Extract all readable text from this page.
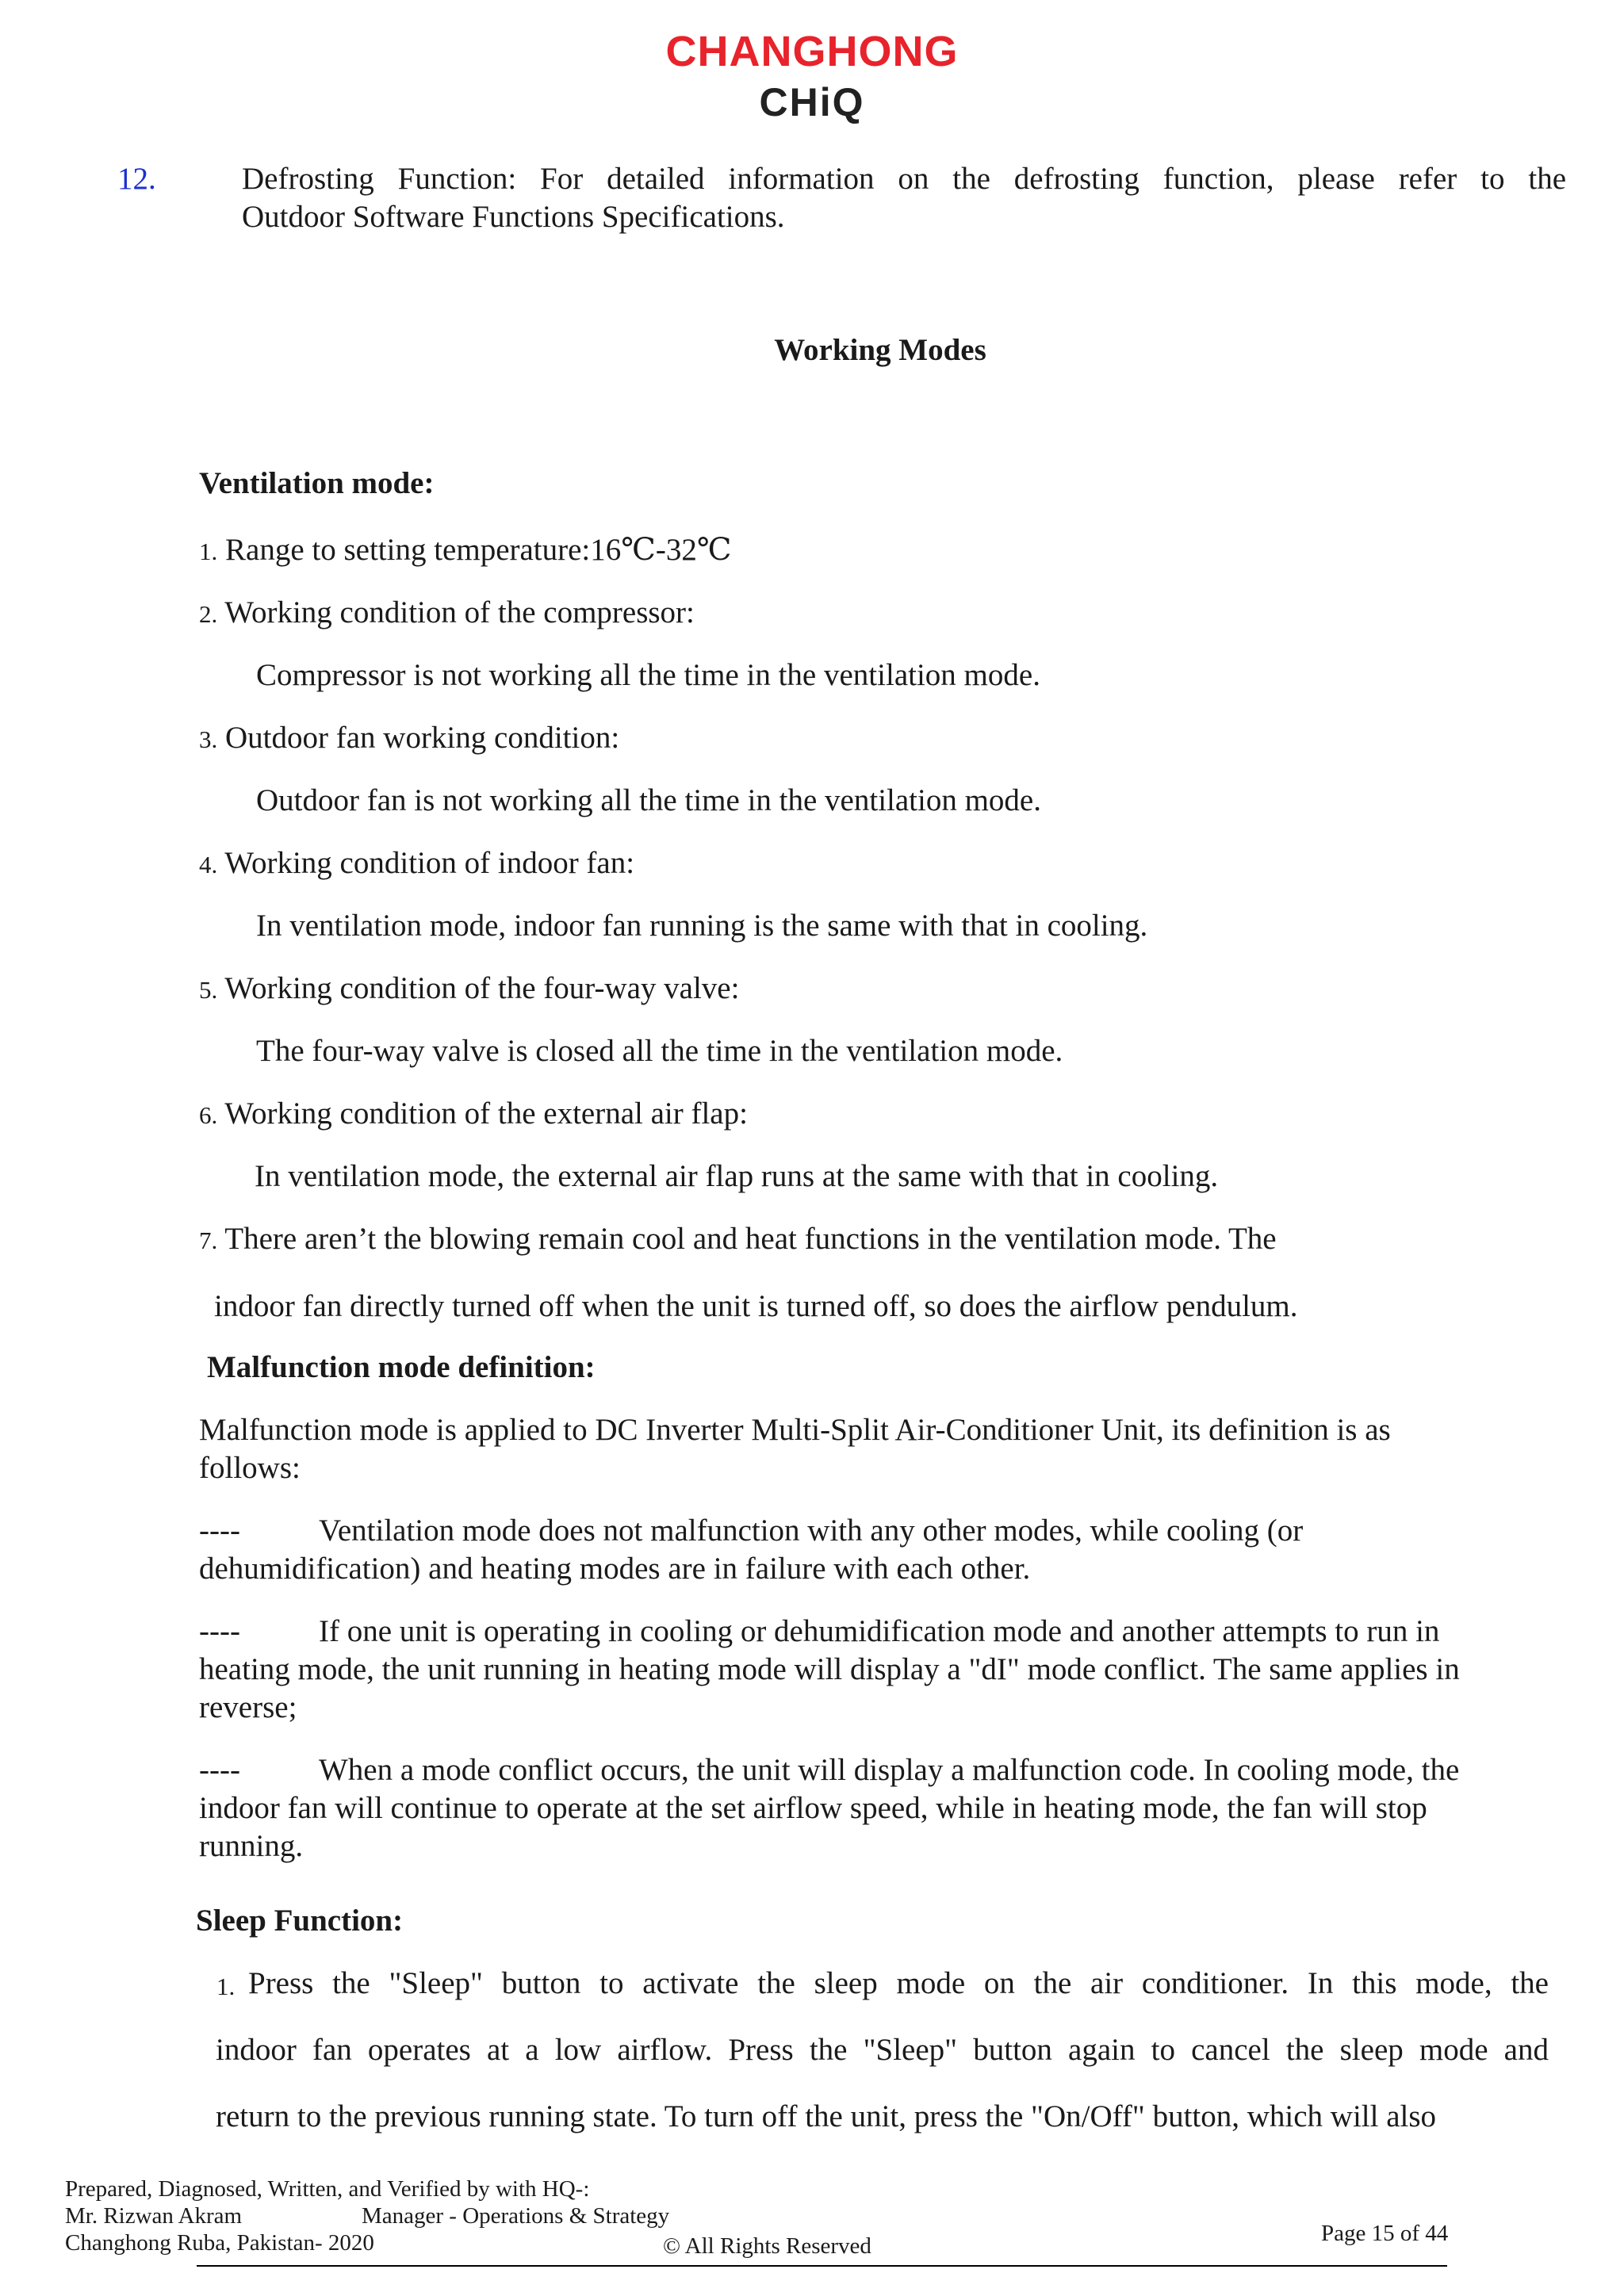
CHANGHONG
CHiQ
12.	Defrosting Function: For detailed information on the defrosting function, please refer to the
Outdoor Software Functions Specifications.
Working Modes
Ventilation mode:
1. Range to setting temperature:16℃-32℃
2. Working condition of the compressor:
Compressor is not working all the time in the ventilation mode.
3. Outdoor fan working condition:
Outdoor fan is not working all the time in the ventilation mode.
4. Working condition of indoor fan:
In ventilation mode, indoor fan running is the same with that in cooling.
5. Working condition of the four-way valve:
The four-way valve is closed all the time in the ventilation mode.
6. Working condition of the external air flap:
In ventilation mode, the external air flap runs at the same with that in cooling.
7. There aren’t the blowing remain cool and heat functions in the ventilation mode. The
indoor fan directly turned off when the unit is turned off, so does the airflow pendulum.
Malfunction mode definition:
Malfunction mode is applied to DC Inverter Multi-Split Air-Conditioner Unit, its definition is as
follows:
----	Ventilation mode does not malfunction with any other modes, while cooling (or
dehumidification) and heating modes are in failure with each other.
----	If one unit is operating in cooling or dehumidification mode and another attempts to run in
heating mode, the unit running in heating mode will display a "dI" mode conflict. The same applies in
reverse;
----	When a mode conflict occurs, the unit will display a malfunction code. In cooling mode, the
indoor fan will continue to operate at the set airflow speed, while in heating mode, the fan will stop
running.
Sleep Function:
1. Press the "Sleep" button to activate the sleep mode on the air conditioner. In this mode, the
indoor fan operates at a low airflow. Press the "Sleep" button again to cancel the sleep mode and
return to the previous running state. To turn off the unit, press the "On/Off" button, which will also
Prepared, Diagnosed, Written, and Verified by with HQ-:
Mr. Rizwan Akram	Manager - Operations & Strategy
Changhong Ruba, Pakistan- 2020	© All Rights Reserved	Page 15 of 44
